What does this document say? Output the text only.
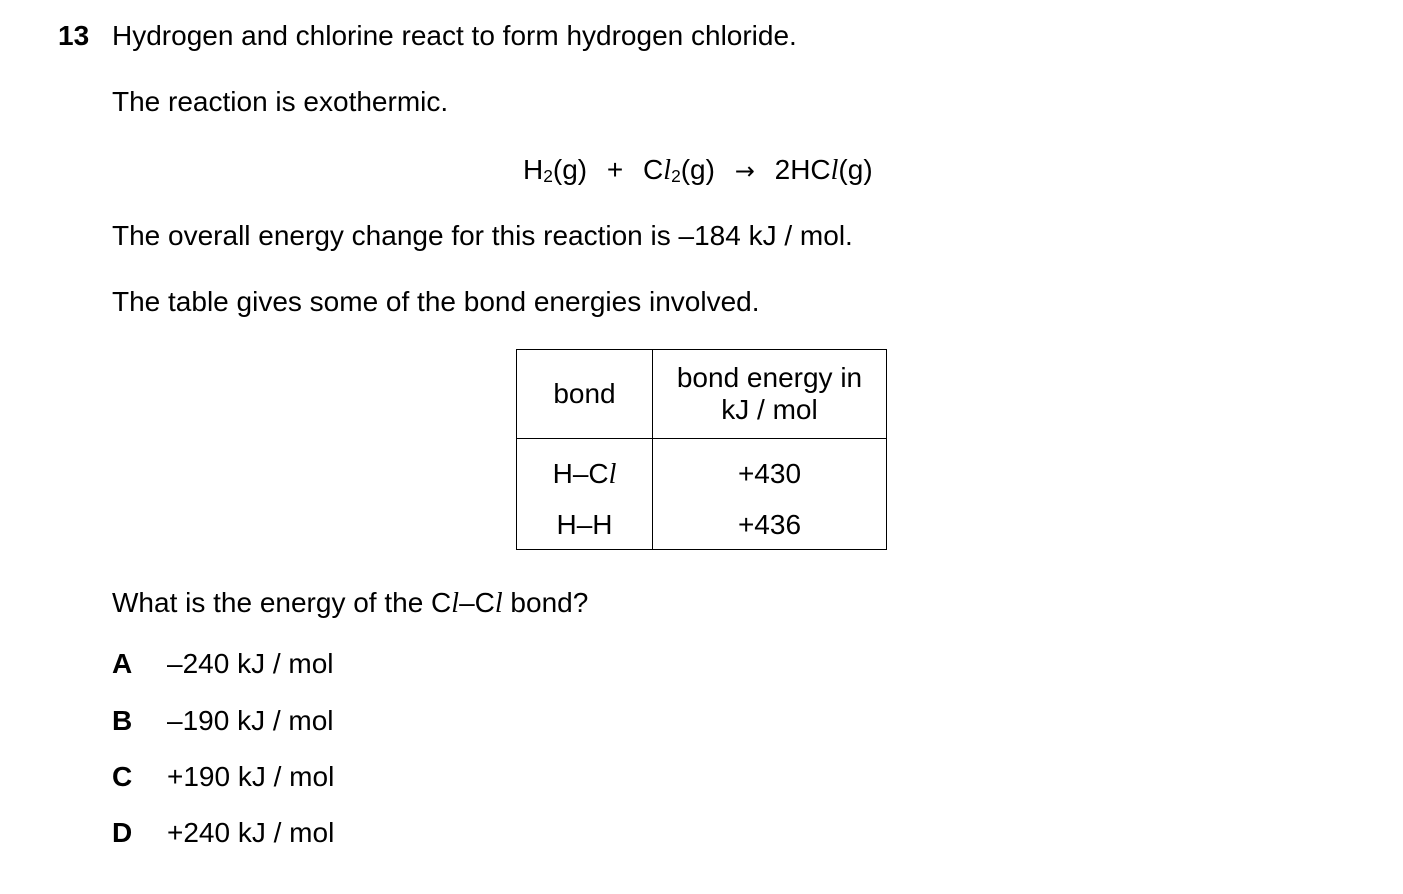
13 Hydrogen and chlorine react to form hydrogen chloride.
The reaction is exothermic.
$H_2(g) + Cl_2(g) \to 2HCl(g)$
The overall energy change for this reaction is –184 kJ / mol.
The table gives some of the bond energies involved.
bond	bond energy in
kJ / mol

H–Cl	+430
H–H	+436
What is the energy of the Cl–Cl bond?
A –240 kJ / mol
B –190 kJ / mol
C +190 kJ / mol
D +240 kJ / mol
